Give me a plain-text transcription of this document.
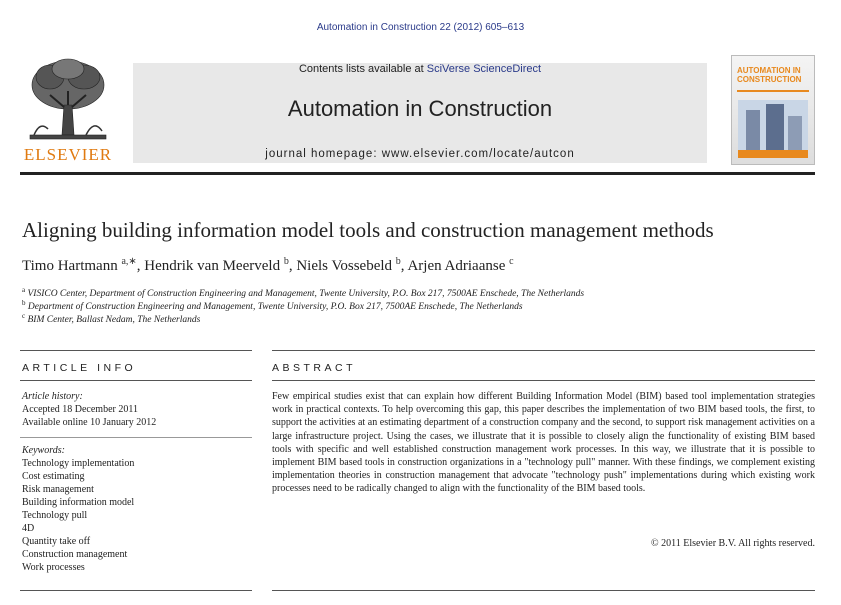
Automation in Construction 22 (2012) 605–613
ELSEVIER
Contents lists available at SciVerse ScienceDirect
Automation in Construction
journal homepage: www.elsevier.com/locate/autcon
AUTOMATION IN
CONSTRUCTION
Aligning building information model tools and construction management methods
Timo Hartmann $^{a,∗}$, Hendrik van Meerveld $^b$, Niels Vossebeld $^b$, Arjen Adriaanse $^c$
$^a$ VISICO Center, Department of Construction Engineering and Management, Twente University, P.O. Box 217, 7500AE Enschede, The Netherlands
$^b$ Department of Construction Engineering and Management, Twente University, P.O. Box 217, 7500AE Enschede, The Netherlands
$^c$ BIM Center, Ballast Nedam, The Netherlands
ARTICLE INFO
Article history:
Accepted 18 December 2011
Available online 10 January 2012
Keywords:
Technology implementation
Cost estimating
Risk management
Building information model
Technology pull
4D
Quantity take off
Construction management
Work processes
ABSTRACT
Few empirical studies exist that can explain how different Building Information Model (BIM) based tool implementation strategies work in practical contexts. To help overcoming this gap, this paper describes the implementation of two BIM based tools, the first, to support the activities at an estimating department of a construction company and the second, to support risk management activities on a large infrastructure project. Using the cases, we illustrate that it is possible to closely align the functionality of existing BIM based tools with specific and well established construction management work processes. In this way, we illustrate that it is possible to implement BIM based tools in construction organizations in a "technology pull" manner. With these findings, we complement existing implementation theories in construction management that advocate "technology push" implementations during which existing work processes need to be radically changed to align with the functionality of the BIM based tools.
© 2011 Elsevier B.V. All rights reserved.
